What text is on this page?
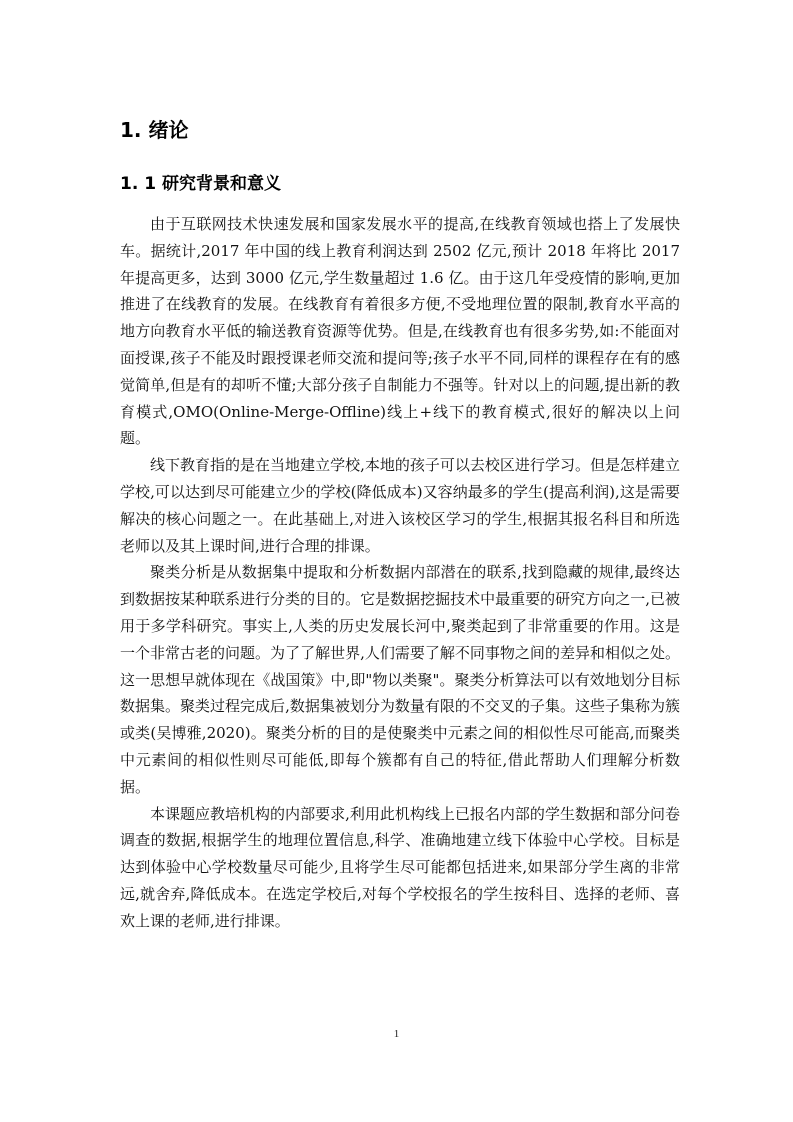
1. 绪论
1. 1 研究背景和意义

由于互联网技术快速发展和国家发展水平的提高,在线教育领域也搭上了发展快车。据统计,2017 年中国的线上教育利润达到 2502 亿元,预计 2018 年将比 2017 年提高更多，达到 3000 亿元,学生数量超过 1.6 亿。由于这几年受疫情的影响,更加推进了在线教育的发展。在线教育有着很多方便,不受地理位置的限制,教育水平高的地方向教育水平低的输送教育资源等优势。但是,在线教育也有很多劣势,如:不能面对面授课,孩子不能及时跟授课老师交流和提问等;孩子水平不同,同样的课程存在有的感觉简单,但是有的却听不懂;大部分孩子自制能力不强等。针对以上的问题,提出新的教育模式,OMO(Online-Merge-Offline)线上+线下的教育模式,很好的解决以上问题。

线下教育指的是在当地建立学校,本地的孩子可以去校区进行学习。但是怎样建立学校,可以达到尽可能建立少的学校(降低成本)又容纳最多的学生(提高利润),这是需要解决的核心问题之一。在此基础上,对进入该校区学习的学生,根据其报名科目和所选老师以及其上课时间,进行合理的排课。

聚类分析是从数据集中提取和分析数据内部潜在的联系,找到隐藏的规律,最终达到数据按某种联系进行分类的目的。它是数据挖掘技术中最重要的研究方向之一,已被用于多学科研究。事实上,人类的历史发展长河中,聚类起到了非常重要的作用。这是一个非常古老的问题。为了了解世界,人们需要了解不同事物之间的差异和相似之处。这一思想早就体现在《战国策》中,即"物以类聚"。聚类分析算法可以有效地划分目标数据集。聚类过程完成后,数据集被划分为数量有限的不交叉的子集。这些子集称为簇或类(吴博雅,2020)。聚类分析的目的是使聚类中元素之间的相似性尽可能高,而聚类中元素间的相似性则尽可能低,即每个簇都有自己的特征,借此帮助人们理解分析数据。

本课题应教培机构的内部要求,利用此机构线上已报名内部的学生数据和部分问卷调查的数据,根据学生的地理位置信息,科学、准确地建立线下体验中心学校。目标是达到体验中心学校数量尽可能少,且将学生尽可能都包括进来,如果部分学生离的非常远,就舍弃,降低成本。在选定学校后,对每个学校报名的学生按科目、选择的老师、喜欢上课的老师,进行排课。

1
